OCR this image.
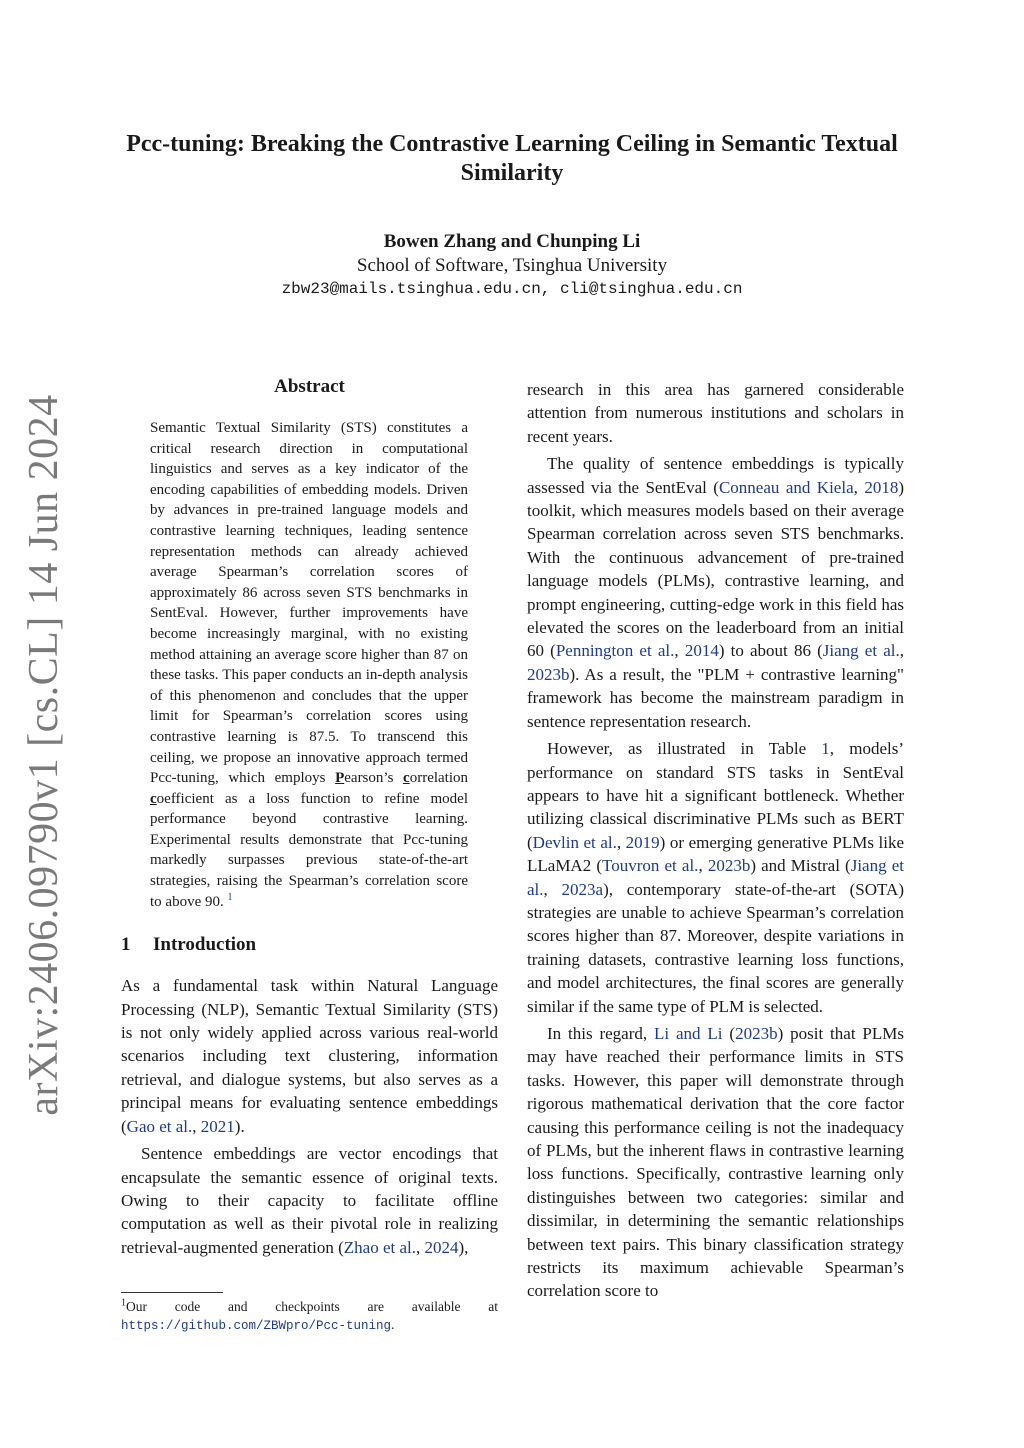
arXiv:2406.09790v1 [cs.CL] 14 Jun 2024
Pcc-tuning: Breaking the Contrastive Learning Ceiling in Semantic Textual Similarity
Bowen Zhang and Chunping Li
School of Software, Tsinghua University
zbw23@mails.tsinghua.edu.cn, cli@tsinghua.edu.cn
Abstract
Semantic Textual Similarity (STS) constitutes a critical research direction in computational linguistics and serves as a key indicator of the encoding capabilities of embedding models. Driven by advances in pre-trained language models and contrastive learning techniques, leading sentence representation methods can already achieved average Spearman’s correlation scores of approximately 86 across seven STS benchmarks in SentEval. However, further improvements have become increasingly marginal, with no existing method attaining an average score higher than 87 on these tasks. This paper conducts an in-depth analysis of this phenomenon and concludes that the upper limit for Spearman’s correlation scores using contrastive learning is 87.5. To transcend this ceiling, we propose an innovative approach termed Pcc-tuning, which employs Pearson’s correlation coefficient as a loss function to refine model performance beyond contrastive learning. Experimental results demonstrate that Pcc-tuning markedly surpasses previous state-of-the-art strategies, raising the Spearman’s correlation score to above 90. $^1$
1 Introduction

As a fundamental task within Natural Language Processing (NLP), Semantic Textual Similarity (STS) is not only widely applied across various real-world scenarios including text clustering, information retrieval, and dialogue systems, but also serves as a principal means for evaluating sentence embeddings (Gao et al., 2021).

Sentence embeddings are vector encodings that encapsulate the semantic essence of original texts. Owing to their capacity to facilitate offline computation as well as their pivotal role in realizing retrieval-augmented generation (Zhao et al., 2024),

$^1$Our code and checkpoints are available at https://github.com/ZBWpro/Pcc-tuning.

research in this area has garnered considerable attention from numerous institutions and scholars in recent years.

The quality of sentence embeddings is typically assessed via the SentEval (Conneau and Kiela, 2018) toolkit, which measures models based on their average Spearman correlation across seven STS benchmarks. With the continuous advancement of pre-trained language models (PLMs), contrastive learning, and prompt engineering, cutting-edge work in this field has elevated the scores on the leaderboard from an initial 60 (Pennington et al., 2014) to about 86 (Jiang et al., 2023b). As a result, the "PLM + contrastive learning" framework has become the mainstream paradigm in sentence representation research.

However, as illustrated in Table 1, models’ performance on standard STS tasks in SentEval appears to have hit a significant bottleneck. Whether utilizing classical discriminative PLMs such as BERT (Devlin et al., 2019) or emerging generative PLMs like LLaMA2 (Touvron et al., 2023b) and Mistral (Jiang et al., 2023a), contemporary state-of-the-art (SOTA) strategies are unable to achieve Spearman’s correlation scores higher than 87. Moreover, despite variations in training datasets, contrastive learning loss functions, and model architectures, the final scores are generally similar if the same type of PLM is selected.

In this regard, Li and Li (2023b) posit that PLMs may have reached their performance limits in STS tasks. However, this paper will demonstrate through rigorous mathematical derivation that the core factor causing this performance ceiling is not the inadequacy of PLMs, but the inherent flaws in contrastive learning loss functions. Specifically, contrastive learning only distinguishes between two categories: similar and dissimilar, in determining the semantic relationships between text pairs. This binary classification strategy restricts its maximum achievable Spearman’s correlation score to
